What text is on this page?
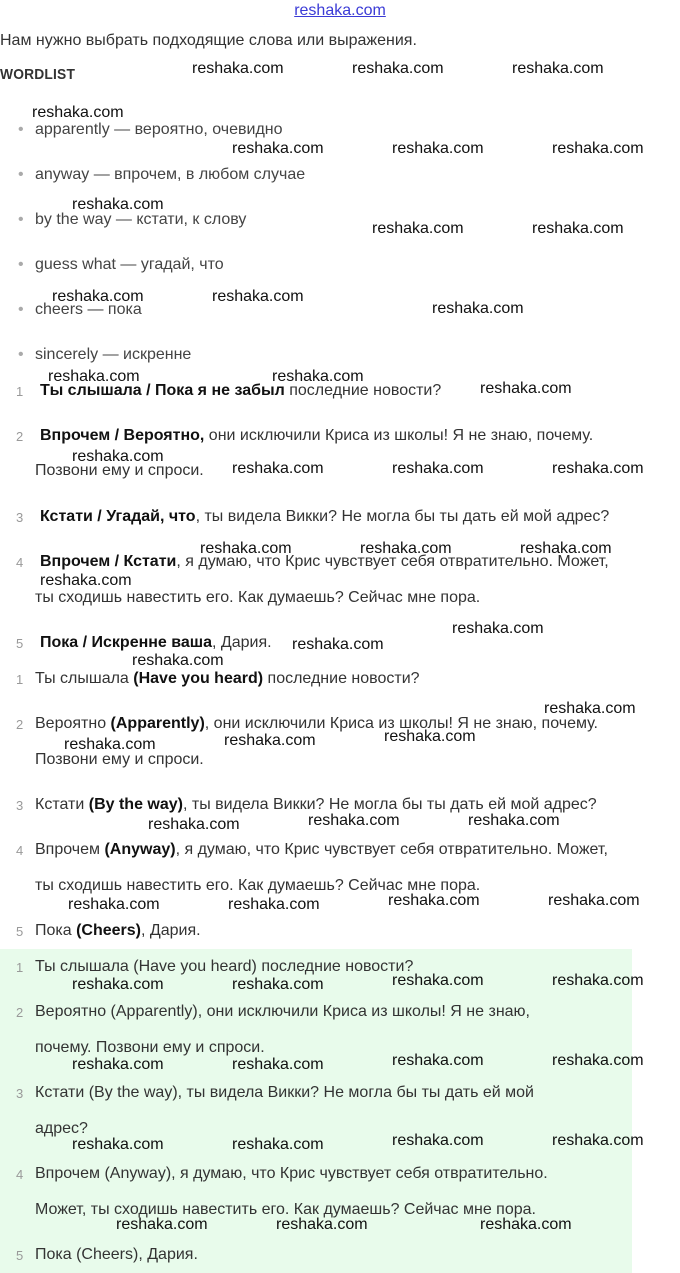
reshaka.com
Нам нужно выбрать подходящие слова или выражения.
WORDLIST
• apparently — вероятно, очевидно
• anyway — впрочем, в любом случае
• by the way — кстати, к слову
• guess what — угадай, что
• cheers — пока
• sincerely — искренне
1 Ты слышала / Пока я не забыл последние новости?
2 Впрочем / Вероятно, они исключили Криса из школы! Я не знаю, почему.
Позвони ему и спроси.
3 Кстати / Угадай, что, ты видела Викки? Не могла бы ты дать ей мой адрес?
4 Впрочем / Кстати, я думаю, что Крис чувствует себя отвратительно. Может,
ты сходишь навестить его. Как думаешь? Сейчас мне пора.
5 Пока / Искренне ваша, Дария.
1 Ты слышала (Have you heard) последние новости?
2 Вероятно (Apparently), они исключили Криса из школы! Я не знаю, почему.
Позвони ему и спроси.
3 Кстати (By the way), ты видела Викки? Не могла бы ты дать ей мой адрес?
4 Впрочем (Anyway), я думаю, что Крис чувствует себя отвратительно. Может,
ты сходишь навестить его. Как думаешь? Сейчас мне пора.
5 Пока (Cheers), Дария.
1 Ты слышала (Have you heard) последние новости?
2 Вероятно (Apparently), они исключили Криса из школы! Я не знаю,
почему. Позвони ему и спроси.
3 Кстати (By the way), ты видела Викки? Не могла бы ты дать ей мой
адрес?
4 Впрочем (Anyway), я думаю, что Крис чувствует себя отвратительно.
Может, ты сходишь навестить его. Как думаешь? Сейчас мне пора.
5 Пока (Cheers), Дария.
reshaka.com	reshaka.com	reshaka.com
reshaka.com
reshaka.com	reshaka.com	reshaka.com
reshaka.com
reshaka.com	reshaka.com
reshaka.com	reshaka.com
reshaka.com
reshaka.com	reshaka.com
reshaka.com
reshaka.com
reshaka.com	reshaka.com	reshaka.com
reshaka.com	reshaka.com	reshaka.com
reshaka.com
reshaka.com
reshaka.com
reshaka.com
reshaka.com
reshaka.com
reshaka.com
reshaka.com
reshaka.com
reshaka.com
reshaka.com
reshaka.com
reshaka.com
reshaka.com
reshaka.com
reshaka.com	reshaka.com
reshaka.com	reshaka.com
reshaka.com	reshaka.com
reshaka.com	reshaka.com
reshaka.com	reshaka.com
reshaka.com	reshaka.com
reshaka.com	reshaka.com	reshaka.com
